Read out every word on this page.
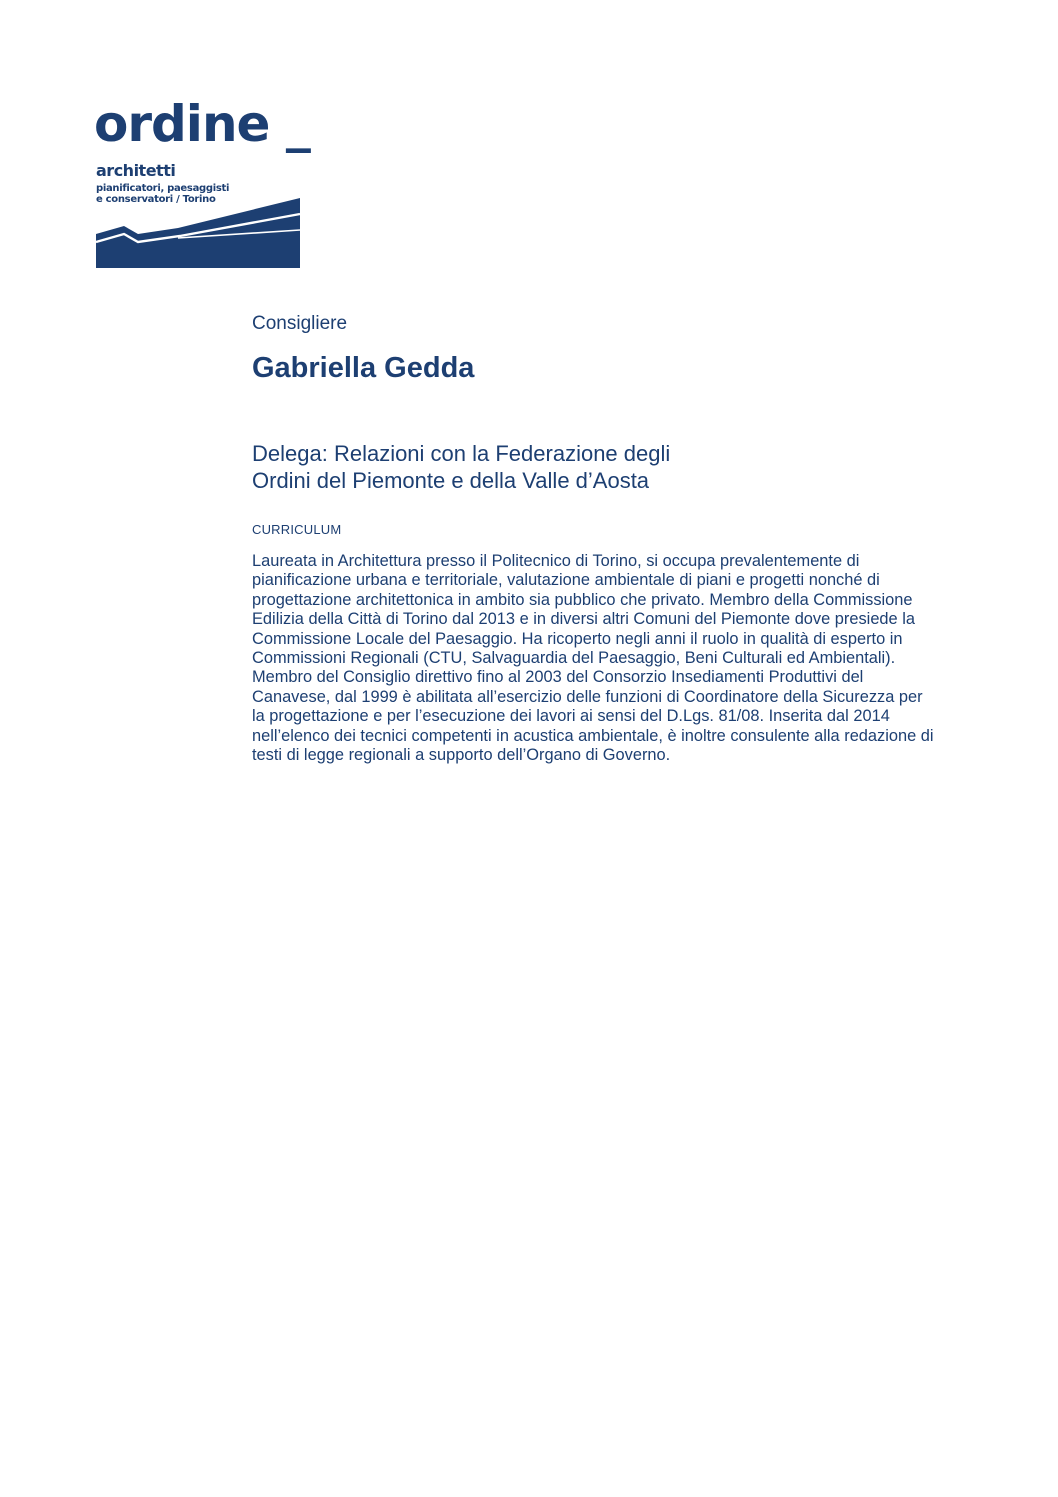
ordine _
architetti
pianificatori, paesaggisti
e conservatori / Torino
Consigliere
Gabriella Gedda
Delega: Relazioni con la Federazione degli
Ordini del Piemonte e della Valle d’Aosta
CURRICULUM
Laureata in Architettura presso il Politecnico di Torino, si occupa prevalentemente di
pianificazione urbana e territoriale, valutazione ambientale di piani e progetti nonché di
progettazione architettonica in ambito sia pubblico che privato. Membro della Commissione
Edilizia della Città di Torino dal 2013 e in diversi altri Comuni del Piemonte dove presiede la
Commissione Locale del Paesaggio. Ha ricoperto negli anni il ruolo in qualità di esperto in
Commissioni Regionali (CTU, Salvaguardia del Paesaggio, Beni Culturali ed Ambientali).
Membro del Consiglio direttivo fino al 2003 del Consorzio Insediamenti Produttivi del
Canavese, dal 1999 è abilitata all’esercizio delle funzioni di Coordinatore della Sicurezza per
la progettazione e per l’esecuzione dei lavori ai sensi del D.Lgs. 81/08. Inserita dal 2014
nell’elenco dei tecnici competenti in acustica ambientale, è inoltre consulente alla redazione di
testi di legge regionali a supporto dell’Organo di Governo.
